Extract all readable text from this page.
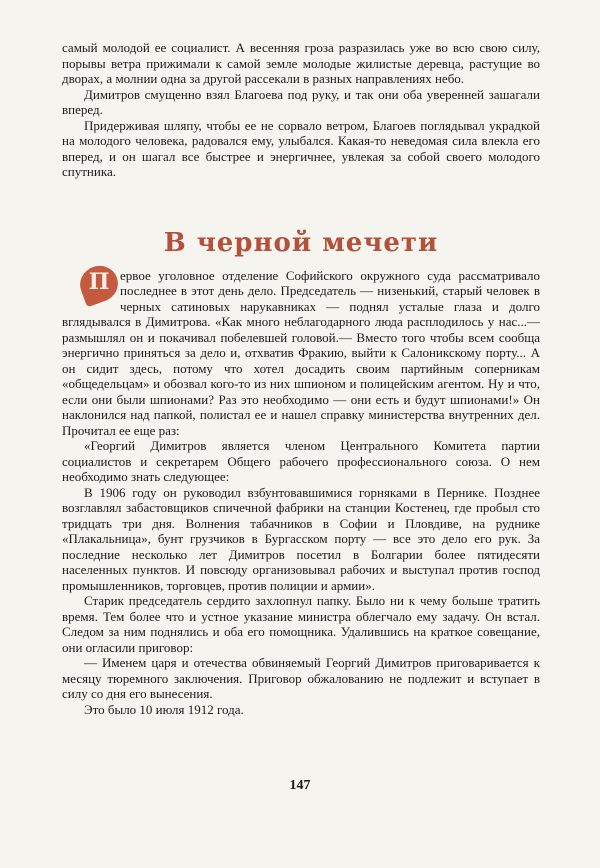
самый молодой ее социалист. А весенняя гроза разразилась уже во всю свою силу, порывы ветра прижимали к самой земле молодые жилистые деревца, растущие во дворах, а молнии одна за другой рассекали в разных направлениях небо.

Димитров смущенно взял Благоева под руку, и так они оба уверенней зашагали вперед.

Придерживая шляпу, чтобы ее не сорвало ветром, Благоев поглядывал украдкой на молодого человека, радовался ему, улыбался. Какая-то неведомая сила влекла его вперед, и он шагал все быстрее и энергичнее, увлекая за собой своего молодого спутника.

В черной мечети
П ервое уголовное отделение Софийского окружного суда рассматривало последнее в этот день дело. Председатель — низенький, старый человек в черных сатиновых нарукавниках — поднял усталые глаза и долго вглядывался в Димитрова. «Как много неблагодарного люда расплодилось у нас...— размышлял он и покачивал побелевшей головой.— Вместо того чтобы всем сообща энергично приняться за дело и, отхватив Фракию, выйти к Салоникскому порту... А он сидит здесь, потому что хотел досадить своим партийным соперникам «общедельцам» и обозвал кого-то из них шпионом и полицейским агентом. Ну и что, если они были шпионами? Раз это необходимо — они есть и будут шпионами!» Он наклонился над папкой, полистал ее и нашел справку министерства внутренних дел. Прочитал ее еще раз:

«Георгий Димитров является членом Центрального Комитета партии социалистов и секретарем Общего рабочего профессионального союза. О нем необходимо знать следующее:

В 1906 году он руководил взбунтовавшимися горняками в Пернике. Позднее возглавлял забастовщиков спичечной фабрики на станции Костенец, где пробыл сто тридцать три дня. Волнения табачников в Софии и Пловдиве, на руднике «Плакальница», бунт грузчиков в Бургасском порту — все это дело его рук. За последние несколько лет Димитров посетил в Болгарии более пятидесяти населенных пунктов. И повсюду организовывал рабочих и выступал против господ промышленников, торговцев, против полиции и армии».

Старик председатель сердито захлопнул папку. Было ни к чему больше тратить время. Тем более что и устное указание министра облегчало ему задачу. Он встал. Следом за ним поднялись и оба его помощника. Удалившись на краткое совещание, они огласили приговор:

— Именем царя и отечества обвиняемый Георгий Димитров приговаривается к месяцу тюремного заключения. Приговор обжалованию не подлежит и вступает в силу со дня его вынесения.

Это было 10 июля 1912 года.

147
